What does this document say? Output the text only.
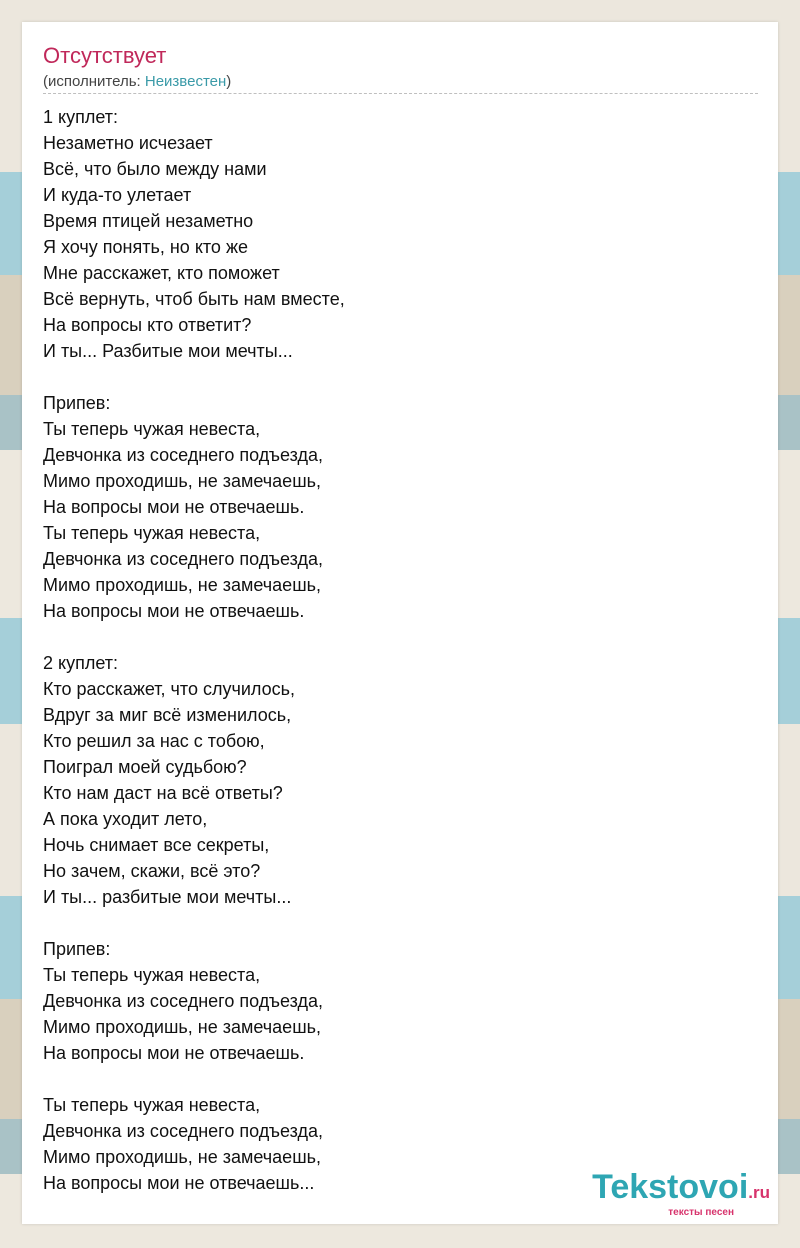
Отсутствует
(исполнитель: Неизвестен)
1 куплет:
Незаметно исчезает
Всё, что было между нами
И куда-то улетает
Время птицей незаметно
Я хочу понять, но кто же
Мне расскажет, кто поможет
Всё вернуть, чтоб быть нам вместе,
На вопросы кто ответит?
И ты... Разбитые мои мечты...
Припев:
Ты теперь чужая невеста,
Девчонка из соседнего подъезда,
Мимо проходишь, не замечаешь,
На вопросы мои не отвечаешь.
Ты теперь чужая невеста,
Девчонка из соседнего подъезда,
Мимо проходишь, не замечаешь,
На вопросы мои не отвечаешь.
2 куплет:
Кто расскажет, что случилось,
Вдруг за миг всё изменилось,
Кто решил за нас с тобою,
Поиграл моей судьбою?
Кто нам даст на всё ответы?
А пока уходит лето,
Ночь снимает все секреты,
Но зачем, скажи, всё это?
И ты... разбитые мои мечты...
Припев:
Ты теперь чужая невеста,
Девчонка из соседнего подъезда,
Мимо проходишь, не замечаешь,
На вопросы мои не отвечаешь.
Ты теперь чужая невеста,
Девчонка из соседнего подъезда,
Мимо проходишь, не замечаешь,
На вопросы мои не отвечаешь...	Tekstovoi.ru
тексты песен
